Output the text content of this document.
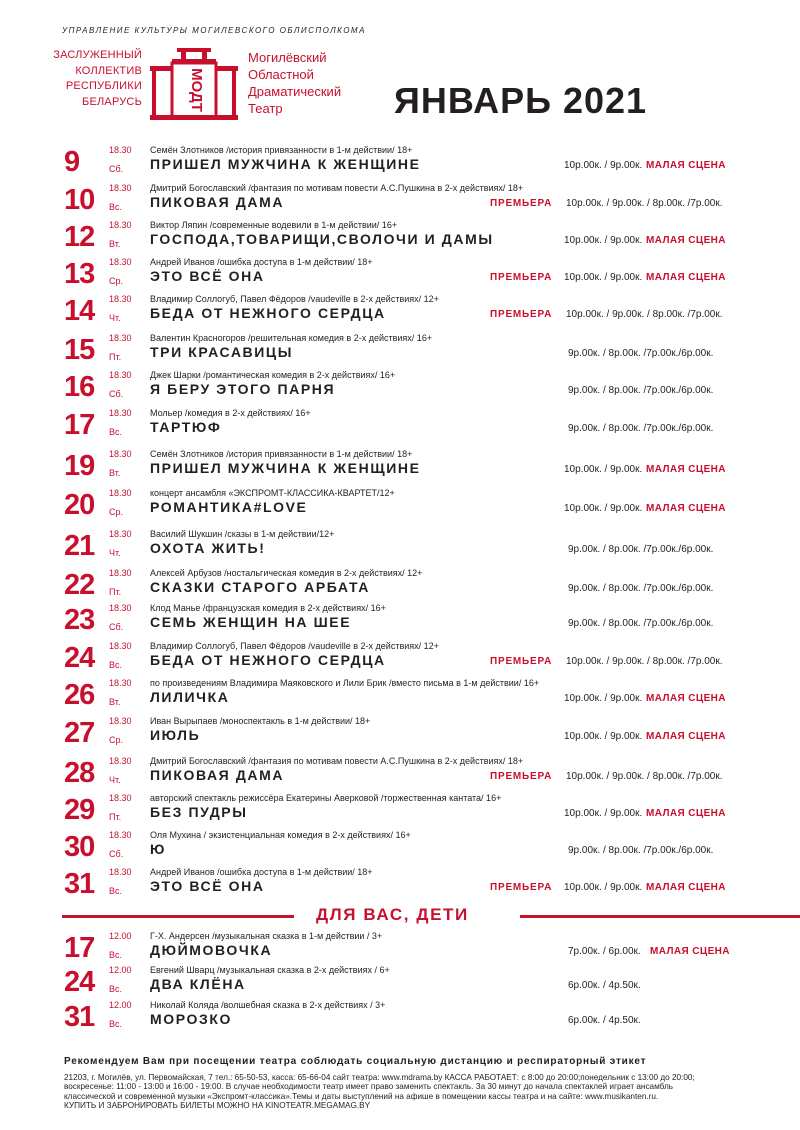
УПРАВЛЕНИЕ КУЛЬТУРЫ МОГИЛЕВСКОГО ОБЛИСПОЛКОМА
ЗАСЛУЖЕННЫЙ
КОЛЛЕКТИВ
РЕСПУБЛИКИ
БЕЛАРУСЬ	МОДТ
Могилёвский
Областной
Драматический
Театр	ЯНВАРЬ 2021
9	18.30
Сб.
Семён Злотников /история привязанности в 1-м действии/ 18+
ПРИШЕЛ МУЖЧИНА К ЖЕНЩИНЕ	10р.00к. / 9р.00к. МАЛАЯ СЦЕНА
10 18.30
Вс.
Дмитрий Богославский /фантазия по мотивам повести А.С.Пушкина в 2-х действиях/ 18+
ПИКОВАЯ ДАМА	ПРЕМЬЕРА 10р.00к. / 9р.00к. / 8р.00к. /7р.00к.
12 18.30
Вт.
Виктор Ляпин /современные водевили в 1-м действии/ 16+
ГОСПОДА,ТОВАРИЩИ,СВОЛОЧИ И ДАМЫ	10р.00к. / 9р.00к. МАЛАЯ СЦЕНА
13 18.30
Ср.
Андрей Иванов /ошибка доступа в 1-м действии/ 18+
ЭТО ВСЁ ОНА	ПРЕМЬЕРА 10р.00к. / 9р.00к. МАЛАЯ СЦЕНА
14 18.30
Чт.
Владимир Соллогуб, Павел Фёдоров /vaudeville в 2-х действиях/ 12+
БЕДА ОТ НЕЖНОГО СЕРДЦА	ПРЕМЬЕРА 10р.00к. / 9р.00к. / 8р.00к. /7р.00к.
15 18.30
Пт.
Валентин Красногоров /решительная комедия в 2-х действиях/ 16+
ТРИ КРАСАВИЦЫ	9р.00к. / 8р.00к. /7р.00к./6р.00к.
16 18.30
Сб.
Джек Шарки /романтическая комедия в 2-х действиях/ 16+
Я БЕРУ ЭТОГО ПАРНЯ	9р.00к. / 8р.00к. /7р.00к./6р.00к.
17 18.30
Вс.
Мольер /комедия в 2-х действиях/ 16+
ТАРТЮФ	9р.00к. / 8р.00к. /7р.00к./6р.00к.
19 18.30
Вт.
Семён Злотников /история привязанности в 1-м действии/ 18+
ПРИШЕЛ МУЖЧИНА К ЖЕНЩИНЕ	10р.00к. / 9р.00к. МАЛАЯ СЦЕНА
20 18.30
Ср.
концерт ансамбля «ЭКСПРОМТ-КЛАССИКА-КВАРТЕТ/12+
РОМАНТИКА#LOVE	10р.00к. / 9р.00к. МАЛАЯ СЦЕНА
21 18.30
Чт.
Василий Шукшин /сказы в 1-м действии/12+
ОХОТА ЖИТЬ!	9р.00к. / 8р.00к. /7р.00к./6р.00к.
22 18.30
Пт.
Алексей Арбузов /ностальгическая комедия в 2-х действиях/ 12+
СКАЗКИ СТАРОГО АРБАТА	9р.00к. / 8р.00к. /7р.00к./6р.00к.
23 18.30
Сб.
Клод Манье /французская комедия в 2-х действиях/ 16+
СЕМЬ ЖЕНЩИН НА ШЕЕ	9р.00к. / 8р.00к. /7р.00к./6р.00к.
24 18.30
Вс.
Владимир Соллогуб, Павел Фёдоров /vaudeville в 2-х действиях/ 12+
БЕДА ОТ НЕЖНОГО СЕРДЦА	ПРЕМЬЕРА 10р.00к. / 9р.00к. / 8р.00к. /7р.00к.
26 18.30
Вт.
по произведениям Владимира Маяковского и Лили Брик /вместо письма в 1-м действии/ 16+
ЛИЛИЧКА	10р.00к. / 9р.00к. МАЛАЯ СЦЕНА
27 18.30
Ср.
Иван Вырыпаев /моноспектакль в 1-м действии/ 18+
ИЮЛЬ	10р.00к. / 9р.00к. МАЛАЯ СЦЕНА
28 18.30
Чт.
Дмитрий Богославский /фантазия по мотивам повести А.С.Пушкина в 2-х действиях/ 18+
ПИКОВАЯ ДАМА	ПРЕМЬЕРА 10р.00к. / 9р.00к. / 8р.00к. /7р.00к.
29 18.30
Пт.
авторский спектакль режиссёра Екатерины Аверковой /торжественная кантата/ 16+
БЕЗ ПУДРЫ	10р.00к. / 9р.00к. МАЛАЯ СЦЕНА
30 18.30
Сб.
Оля Мухина / экзистенциальная комедия в 2-х действиях/ 16+
Ю	9р.00к. / 8р.00к. /7р.00к./6р.00к.
31 18.30
Вс.
Андрей Иванов /ошибка доступа в 1-м действии/ 18+
ЭТО ВСЁ ОНА	ПРЕМЬЕРА 10р.00к. / 9р.00к. МАЛАЯ СЦЕНА
ДЛЯ ВАС, ДЕТИ
17 12.00
Вс.
Г-Х. Андерсен /музыкальная сказка в 1-м действии / 3+
ДЮЙМОВОЧКА	7р.00к. / 6р.00к. МАЛАЯ СЦЕНА
24 12.00
Вс.
Евгений Шварц /музыкальная сказка в 2-х действиях / 6+
ДВА КЛЁНА	6р.00к. / 4р.50к.
31 12.00
Вс.
Николай Коляда /волшебная сказка в 2-х действиях / 3+
МОРОЗКО	6р.00к. / 4р.50к.
Рекомендуем Вам при посещении театра соблюдать социальную дистанцию и респираторный этикет
21203, г. Могилёв, ул. Первомайская, 7 тел.: 65-50-53, касса: 65-66-04 сайт театра: www.mdrama.by КАССА РАБОТАЕТ: с 8:00 до 20:00;понедельник с 13:00 до 20:00;
воскресенье: 11:00 - 13:00 и 16:00 - 19:00. В случае необходимости театр имеет право заменить спектакль. За 30 минут до начала спектаклей играет ансамбль
классической и современной музыки «Экспромт-классика».Темы и даты выступлений на афише в помещении кассы театра и на сайте: www.musikanten.ru.
КУПИТЬ И ЗАБРОНИРОВАТЬ БИЛЕТЫ МОЖНО НА KINOTEATR.MEGAMAG.BY
